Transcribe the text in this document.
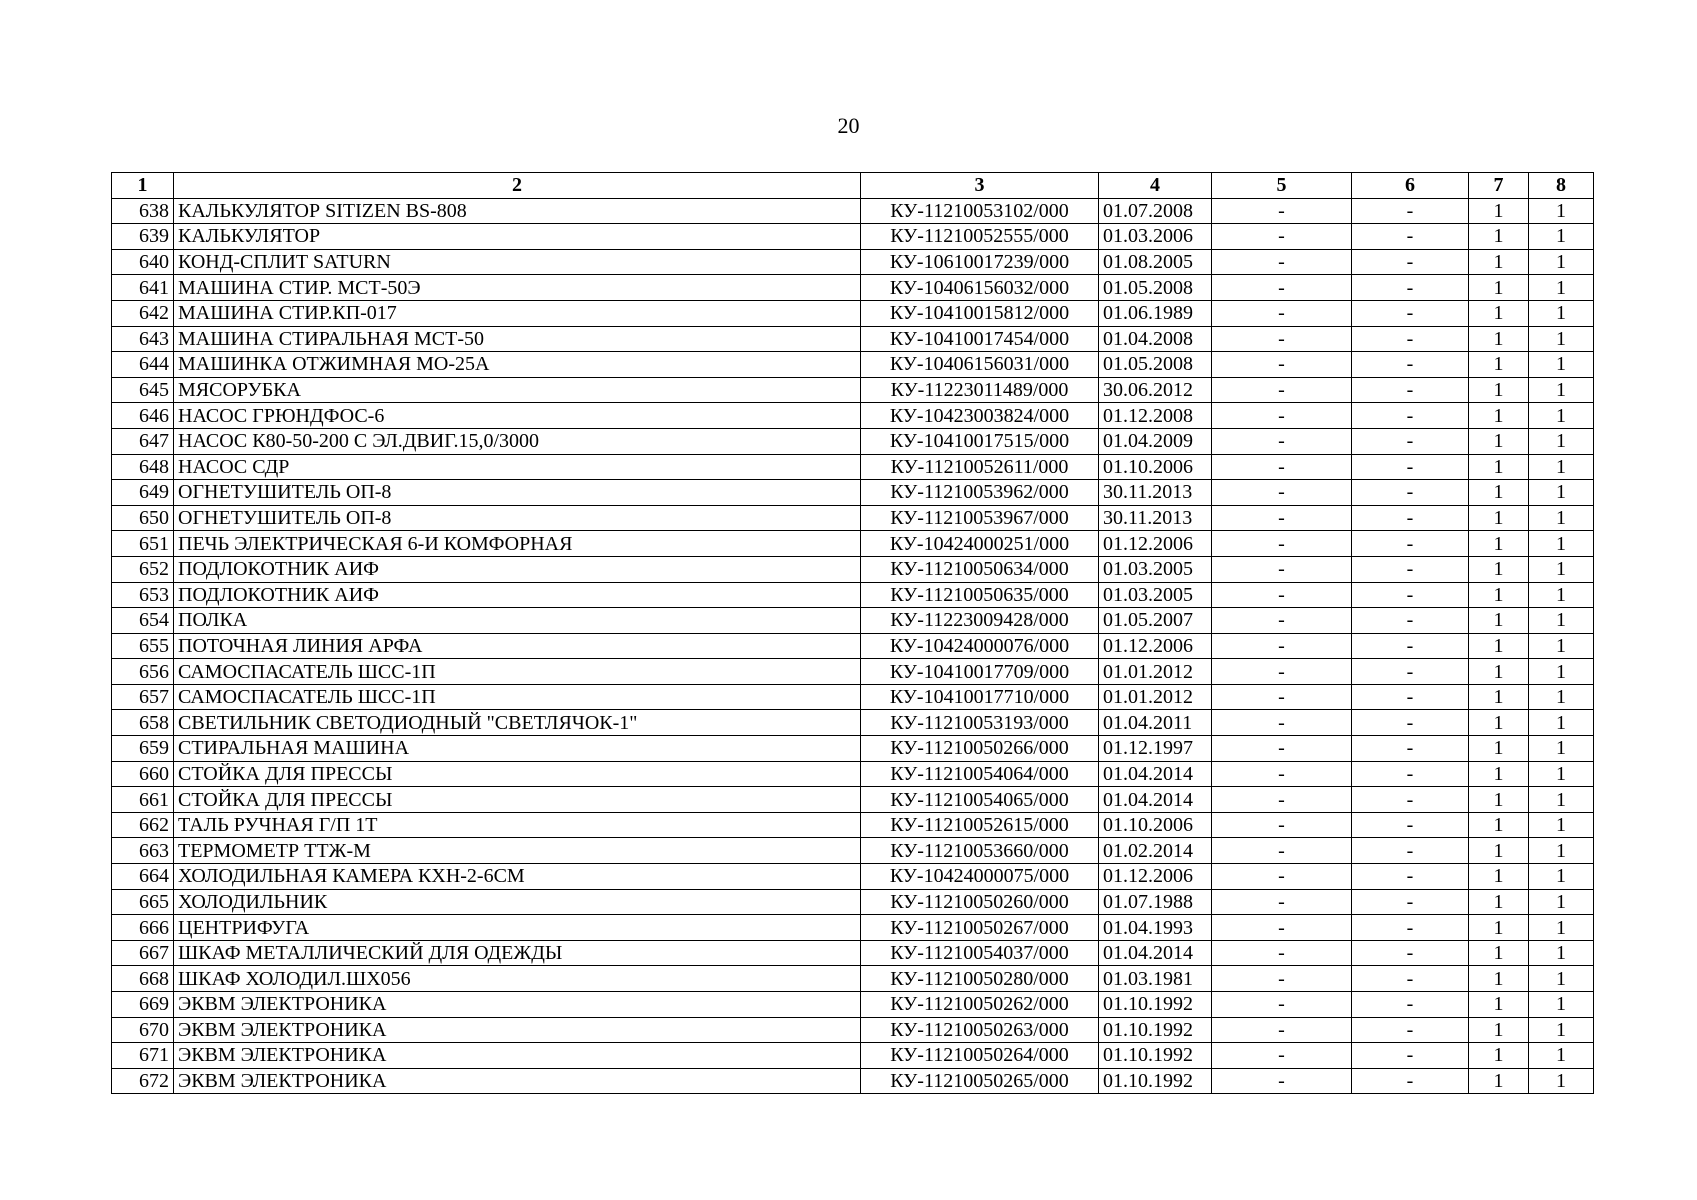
20
1	2	3	4	5	6	7	8
638	КАЛЬКУЛЯТОР SITIZEN BS-808	КУ-11210053102/000	01.07.2008	-	-	1	1
639	КАЛЬКУЛЯТОР	КУ-11210052555/000	01.03.2006	-	-	1	1
640	КОНД-СПЛИТ SATURN	КУ-10610017239/000	01.08.2005	-	-	1	1
641	МАШИНА СТИР. МСТ-50Э	КУ-10406156032/000	01.05.2008	-	-	1	1
642	МАШИНА СТИР.КП-017	КУ-10410015812/000	01.06.1989	-	-	1	1
643	МАШИНА СТИРАЛЬНАЯ МСТ-50	КУ-10410017454/000	01.04.2008	-	-	1	1
644	МАШИНКА ОТЖИМНАЯ МО-25А	КУ-10406156031/000	01.05.2008	-	-	1	1
645	МЯСОРУБКА	КУ-11223011489/000	30.06.2012	-	-	1	1
646	НАСОС ГРЮНДФОС-6	КУ-10423003824/000	01.12.2008	-	-	1	1
647	НАСОС К80-50-200 С ЭЛ.ДВИГ.15,0/3000	КУ-10410017515/000	01.04.2009	-	-	1	1
648	НАСОС СДР	КУ-11210052611/000	01.10.2006	-	-	1	1
649	ОГНЕТУШИТЕЛЬ ОП-8	КУ-11210053962/000	30.11.2013	-	-	1	1
650	ОГНЕТУШИТЕЛЬ ОП-8	КУ-11210053967/000	30.11.2013	-	-	1	1
651	ПЕЧЬ ЭЛЕКТРИЧЕСКАЯ 6-И КОМФОРНАЯ	КУ-10424000251/000	01.12.2006	-	-	1	1
652	ПОДЛОКОТНИК АИФ	КУ-11210050634/000	01.03.2005	-	-	1	1
653	ПОДЛОКОТНИК АИФ	КУ-11210050635/000	01.03.2005	-	-	1	1
654	ПОЛКА	КУ-11223009428/000	01.05.2007	-	-	1	1
655	ПОТОЧНАЯ ЛИНИЯ АРФА	КУ-10424000076/000	01.12.2006	-	-	1	1
656	САМОСПАСАТЕЛЬ ШСС-1П	КУ-10410017709/000	01.01.2012	-	-	1	1
657	САМОСПАСАТЕЛЬ ШСС-1П	КУ-10410017710/000	01.01.2012	-	-	1	1
658	СВЕТИЛЬНИК СВЕТОДИОДНЫЙ "СВЕТЛЯЧОК-1"	КУ-11210053193/000	01.04.2011	-	-	1	1
659	СТИРАЛЬНАЯ МАШИНА	КУ-11210050266/000	01.12.1997	-	-	1	1
660	СТОЙКА ДЛЯ ПРЕССЫ	КУ-11210054064/000	01.04.2014	-	-	1	1
661	СТОЙКА ДЛЯ ПРЕССЫ	КУ-11210054065/000	01.04.2014	-	-	1	1
662	ТАЛЬ РУЧНАЯ Г/П 1Т	КУ-11210052615/000	01.10.2006	-	-	1	1
663	ТЕРМОМЕТР ТТЖ-М	КУ-11210053660/000	01.02.2014	-	-	1	1
664	ХОЛОДИЛЬНАЯ КАМЕРА КХН-2-6СМ	КУ-10424000075/000	01.12.2006	-	-	1	1
665	ХОЛОДИЛЬНИК	КУ-11210050260/000	01.07.1988	-	-	1	1
666	ЦЕНТРИФУГА	КУ-11210050267/000	01.04.1993	-	-	1	1
667	ШКАФ МЕТАЛЛИЧЕСКИЙ ДЛЯ ОДЕЖДЫ	КУ-11210054037/000	01.04.2014	-	-	1	1
668	ШКАФ ХОЛОДИЛ.ШХ056	КУ-11210050280/000	01.03.1981	-	-	1	1
669	ЭКВМ ЭЛЕКТРОНИКА	КУ-11210050262/000	01.10.1992	-	-	1	1
670	ЭКВМ ЭЛЕКТРОНИКА	КУ-11210050263/000	01.10.1992	-	-	1	1
671	ЭКВМ ЭЛЕКТРОНИКА	КУ-11210050264/000	01.10.1992	-	-	1	1
672	ЭКВМ ЭЛЕКТРОНИКА	КУ-11210050265/000	01.10.1992	-	-	1	1
